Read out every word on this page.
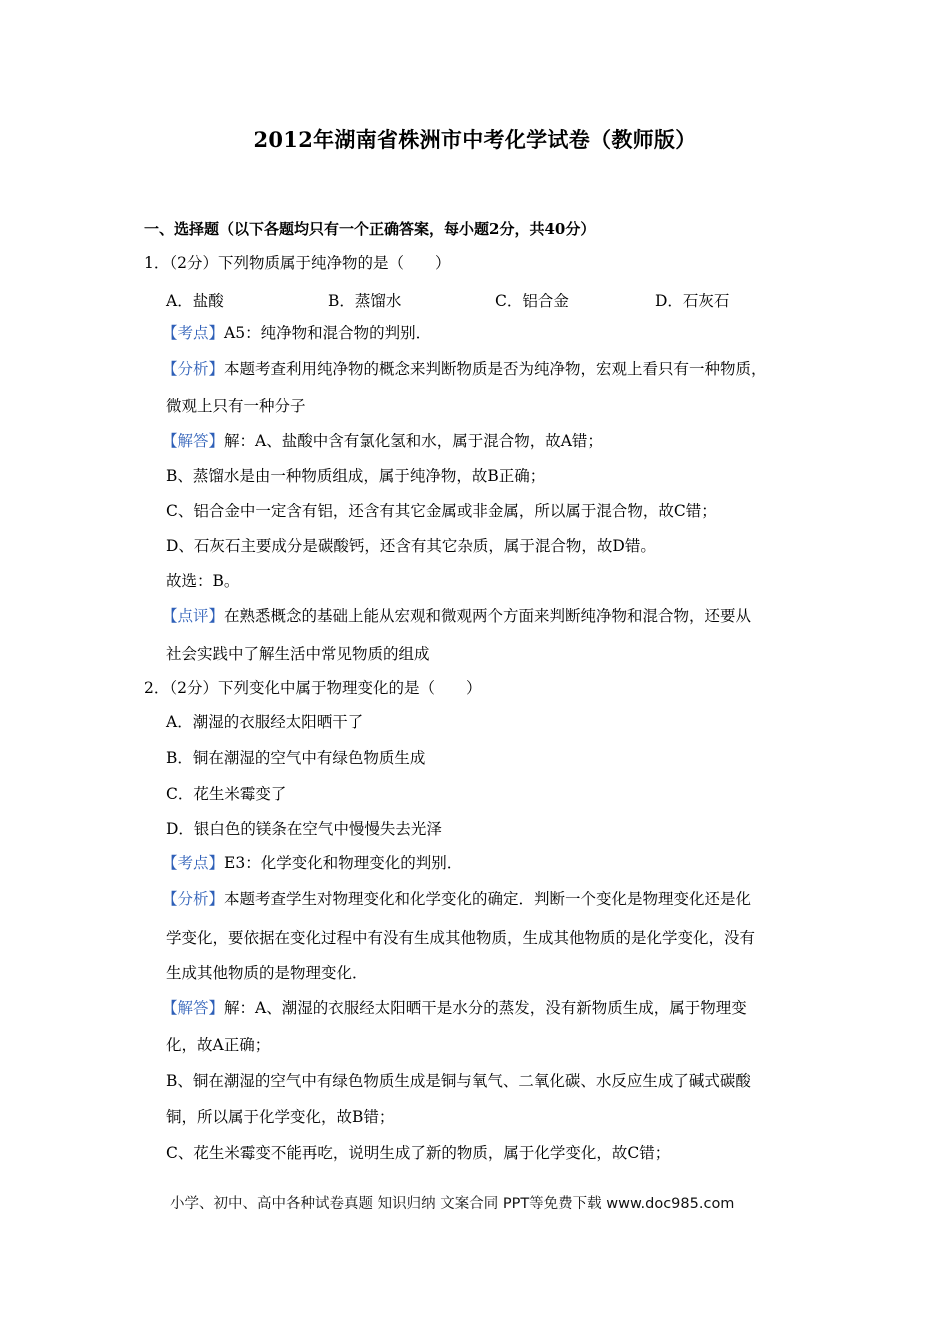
2012年湖南省株洲市中考化学试卷（教师版）
一、选择题（以下各题均只有一个正确答案，每小题2分，共40分）
1．（2分）下列物质属于纯净物的是（　　）
A．盐酸	B．蒸馏水	C．铝合金	D．石灰石
【考点】A5：纯净物和混合物的判别．
【分析】本题考查利用纯净物的概念来判断物质是否为纯净物，宏观上看只有一种物质，
微观上只有一种分子
【解答】解：A、盐酸中含有氯化氢和水，属于混合物，故A错；
B、蒸馏水是由一种物质组成，属于纯净物，故B正确；
C、铝合金中一定含有铝，还含有其它金属或非金属，所以属于混合物，故C错；
D、石灰石主要成分是碳酸钙，还含有其它杂质，属于混合物，故D错。
故选：B。
【点评】在熟悉概念的基础上能从宏观和微观两个方面来判断纯净物和混合物，还要从
社会实践中了解生活中常见物质的组成
2．（2分）下列变化中属于物理变化的是（　　）
A．潮湿的衣服经太阳晒干了
B．铜在潮湿的空气中有绿色物质生成
C．花生米霉变了
D．银白色的镁条在空气中慢慢失去光泽
【考点】E3：化学变化和物理变化的判别．
【分析】本题考查学生对物理变化和化学变化的确定．判断一个变化是物理变化还是化
学变化，要依据在变化过程中有没有生成其他物质，生成其他物质的是化学变化，没有
生成其他物质的是物理变化．
【解答】解：A、潮湿的衣服经太阳晒干是水分的蒸发，没有新物质生成，属于物理变
化，故A正确；
B、铜在潮湿的空气中有绿色物质生成是铜与氧气、二氧化碳、水反应生成了碱式碳酸
铜，所以属于化学变化，故B错；
C、花生米霉变不能再吃，说明生成了新的物质，属于化学变化，故C错；
小学、初中、高中各种试卷真题 知识归纳 文案合同 PPT等免费下载 www.doc985.com
